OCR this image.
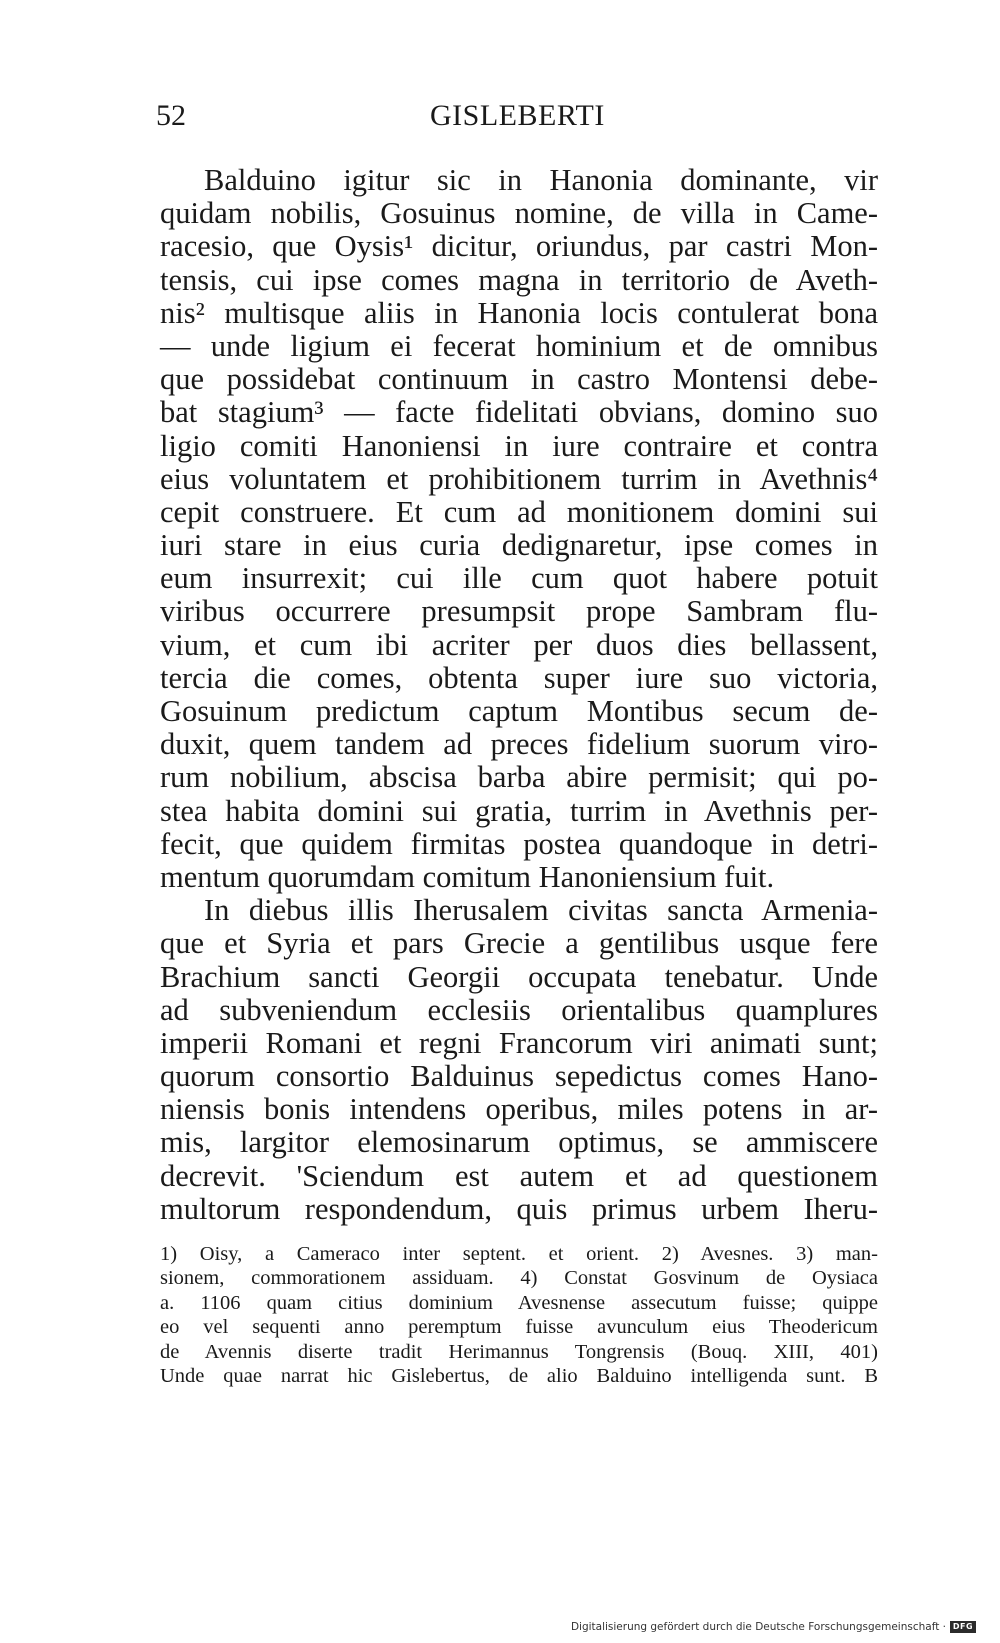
52	GISLEBERTI
Balduino igitur sic in Hanonia dominante, vir
quidam nobilis, Gosuinus nomine, de villa in Came-
racesio, que Oysis¹ dicitur, oriundus, par castri Mon-
tensis, cui ipse comes magna in territorio de Aveth-
nis² multisque aliis in Hanonia locis contulerat bona
— unde ligium ei fecerat hominium et de omnibus
que possidebat continuum in castro Montensi debe-
bat stagium³ — facte fidelitati obvians, domino suo
ligio comiti Hanoniensi in iure contraire et contra
eius voluntatem et prohibitionem turrim in Avethnis⁴
cepit construere. Et cum ad monitionem domini sui
iuri stare in eius curia dedignaretur, ipse comes in
eum insurrexit; cui ille cum quot habere potuit
viribus occurrere presumpsit prope Sambram flu-
vium, et cum ibi acriter per duos dies bellassent,
tercia die comes, obtenta super iure suo victoria,
Gosuinum predictum captum Montibus secum de-
duxit, quem tandem ad preces fidelium suorum viro-
rum nobilium, abscisa barba abire permisit; qui po-
stea habita domini sui gratia, turrim in Avethnis per-
fecit, que quidem firmitas postea quandoque in detri-
mentum quorumdam comitum Hanoniensium fuit.
In diebus illis Iherusalem civitas sancta Armenia-
que et Syria et pars Grecie a gentilibus usque fere
Brachium sancti Georgii occupata tenebatur. Unde
ad subveniendum ecclesiis orientalibus quamplures
imperii Romani et regni Francorum viri animati sunt;
quorum consortio Balduinus sepedictus comes Hano-
niensis bonis intendens operibus, miles potens in ar-
mis, largitor elemosinarum optimus, se ammiscere
decrevit. 'Sciendum est autem et ad questionem
multorum respondendum, quis primus urbem Iheru-
1) Oisy, a Cameraco inter septent. et orient. 2) Avesnes. 3) man-
sionem, commorationem assiduam. 4) Constat Gosvinum de Oysiaca
a. 1106 quam citius dominium Avesnense assecutum fuisse; quippe
eo vel sequenti anno peremptum fuisse avunculum eius Theodericum
de Avennis diserte tradit Herimannus Tongrensis (Bouq. XIII, 401)
Unde quae narrat hic Gislebertus, de alio Balduino intelligenda sunt. B
Digitalisierung gefördert durch die Deutsche Forschungsgemeinschaft · DFG
